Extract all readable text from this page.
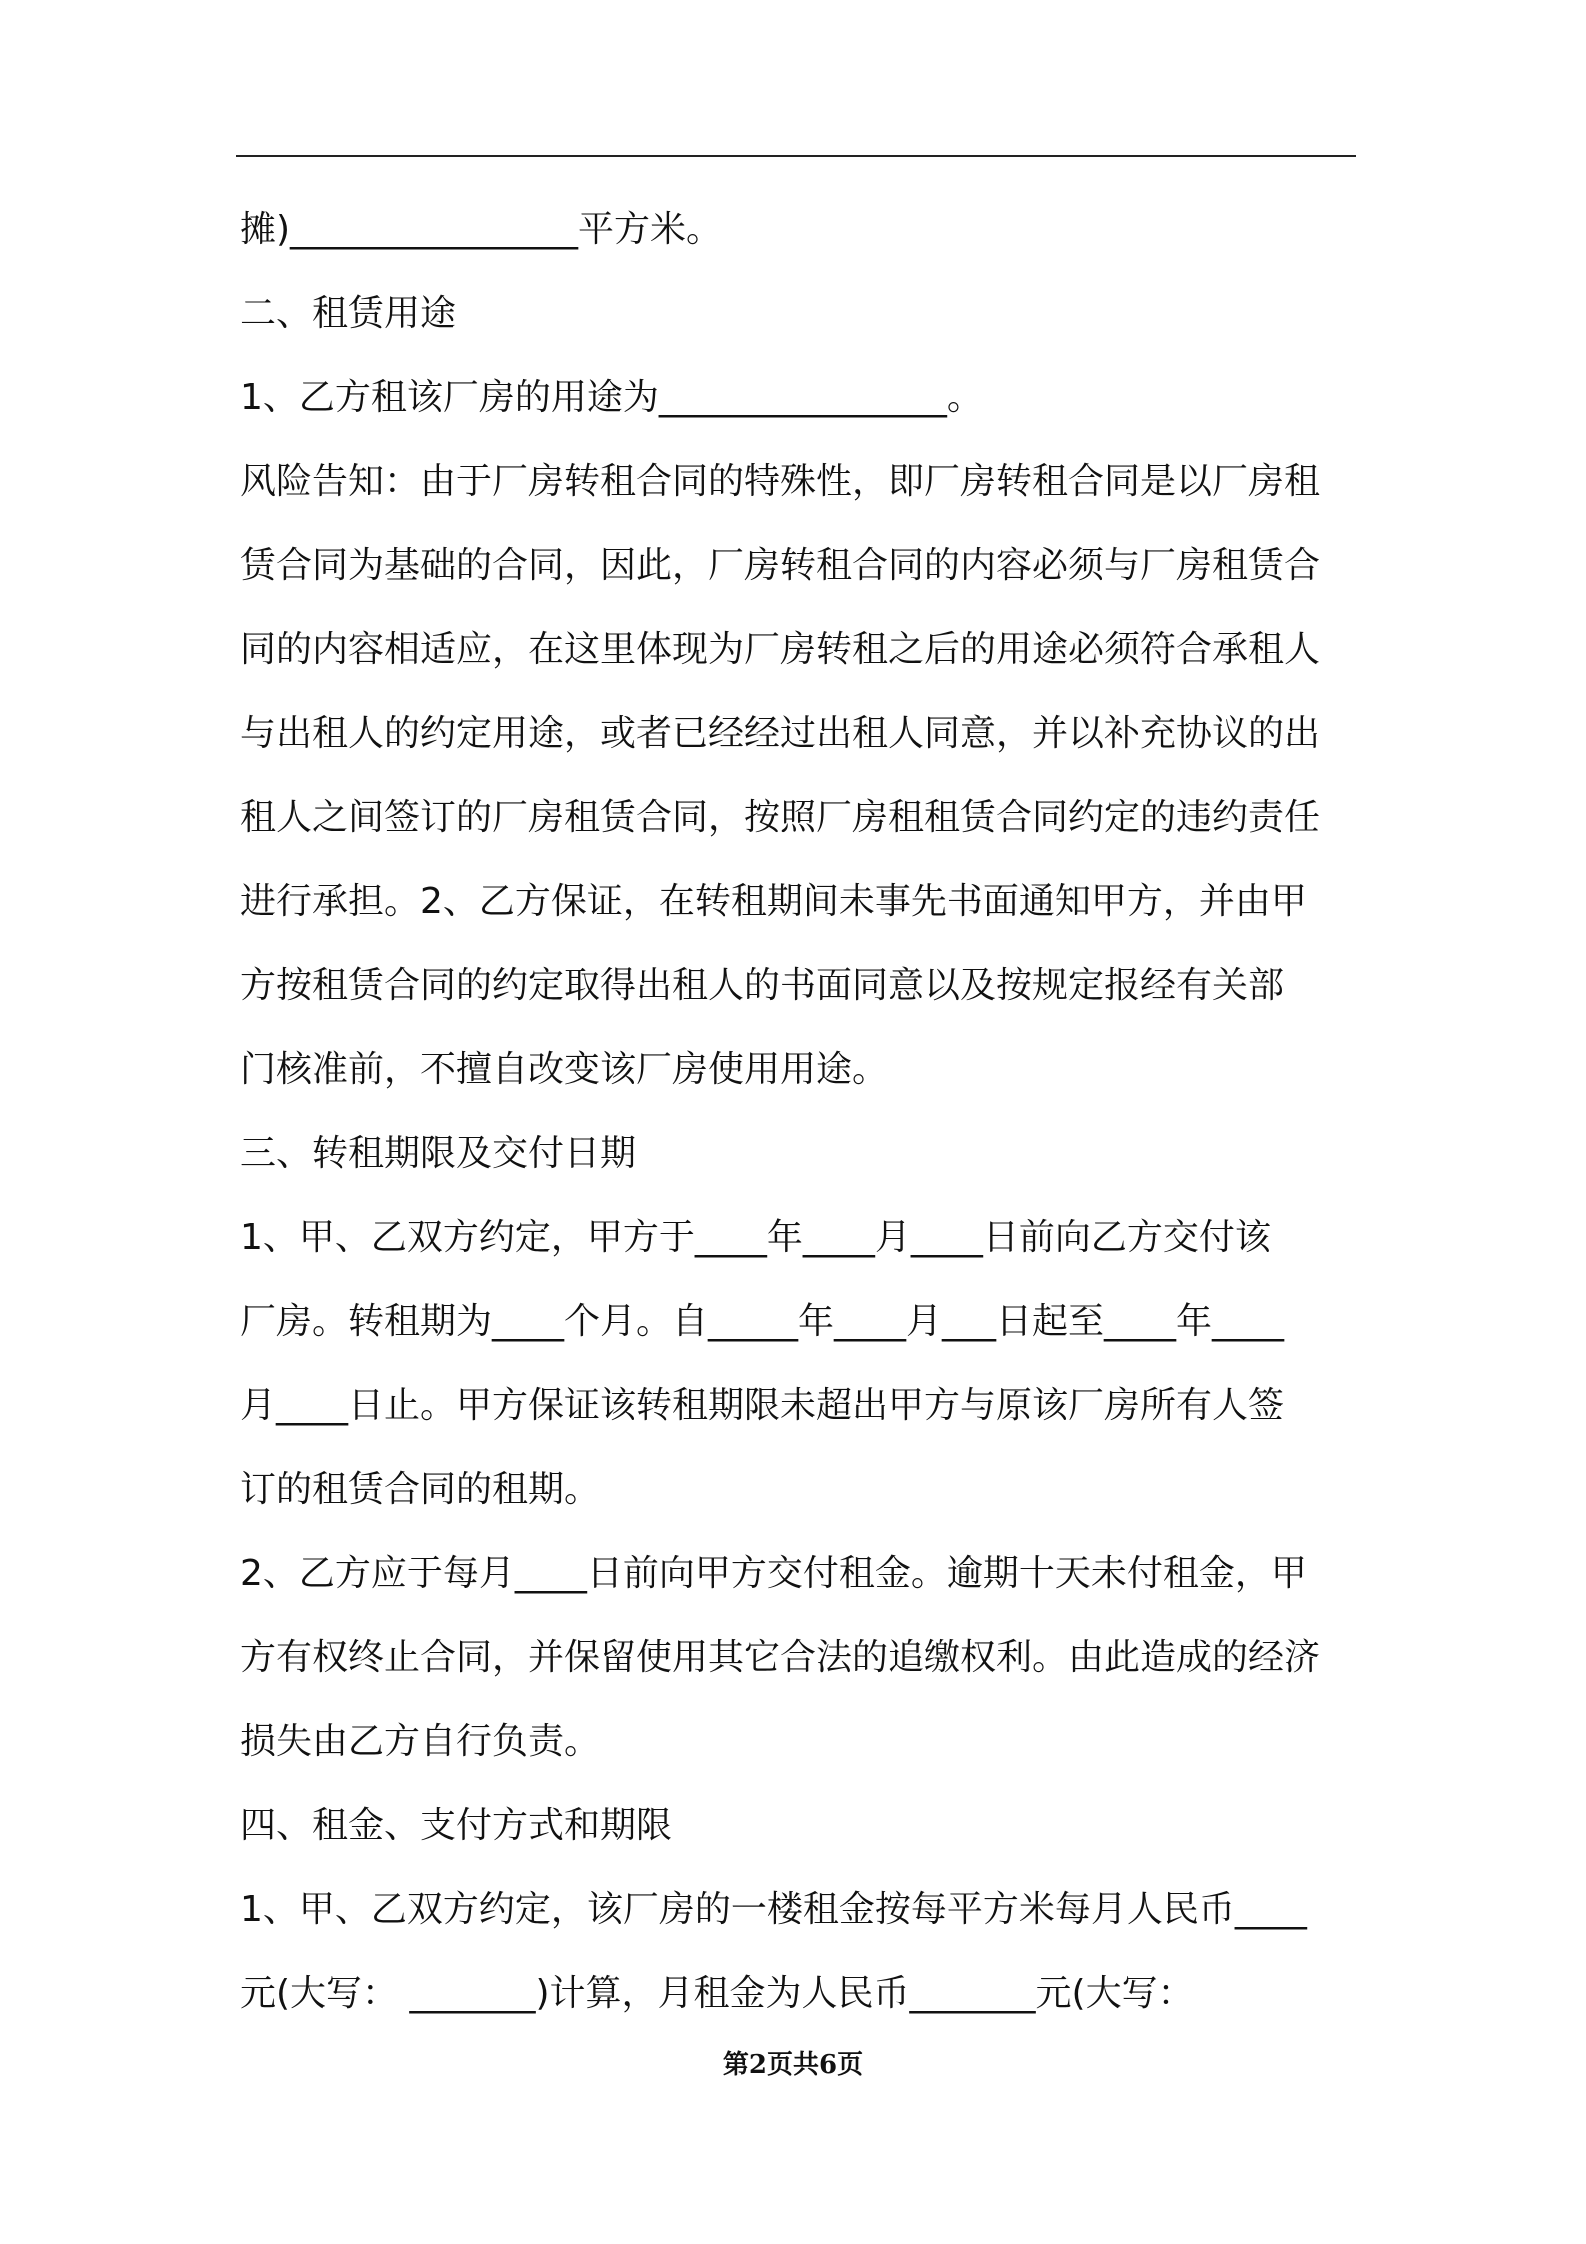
摊)________________平方米。
二、租赁用途
1、乙方租该厂房的用途为________________。
风险告知：由于厂房转租合同的特殊性，即厂房转租合同是以厂房租
赁合同为基础的合同，因此，厂房转租合同的内容必须与厂房租赁合
同的内容相适应，在这里体现为厂房转租之后的用途必须符合承租人
与出租人的约定用途，或者已经经过出租人同意，并以补充协议的出
租人之间签订的厂房租赁合同，按照厂房租租赁合同约定的违约责任
进行承担。2、乙方保证，在转租期间未事先书面通知甲方，并由甲
方按租赁合同的约定取得出租人的书面同意以及按规定报经有关部
门核准前，不擅自改变该厂房使用用途。
三、转租期限及交付日期
1、甲、乙双方约定，甲方于____年____月____日前向乙方交付该
厂房。转租期为____个月。自_____年____月___日起至____年____
月____日止。甲方保证该转租期限未超出甲方与原该厂房所有人签
订的租赁合同的租期。
2、乙方应于每月____日前向甲方交付租金。逾期十天未付租金，甲
方有权终止合同，并保留使用其它合法的追缴权利。由此造成的经济
损失由乙方自行负责。
四、租金、支付方式和期限
1、甲、乙双方约定，该厂房的一楼租金按每平方米每月人民币____
元(大写： _______)计算，月租金为人民币_______元(大写：
第2页共6页
